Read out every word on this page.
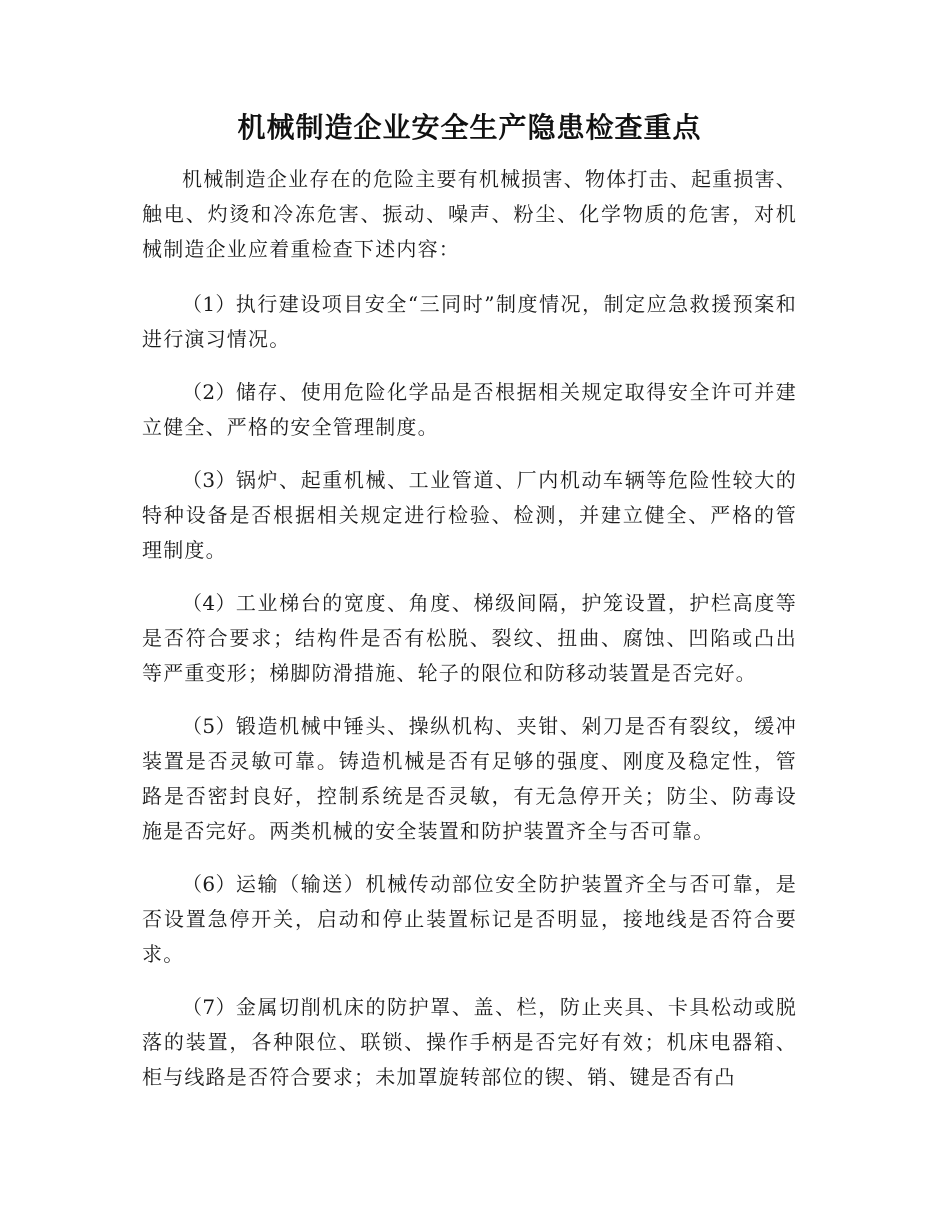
机械制造企业安全生产隐患检查重点

机械制造企业存在的危险主要有机械损害、物体打击、起重损害、触电、灼烫和冷冻危害、振动、噪声、粉尘、化学物质的危害，对机械制造企业应着重检查下述内容：

（1）执行建设项目安全“三同时”制度情况，制定应急救援预案和进行演习情况。

（2）储存、使用危险化学品是否根据相关规定取得安全许可并建立健全、严格的安全管理制度。

（3）锅炉、起重机械、工业管道、厂内机动车辆等危险性较大的特种设备是否根据相关规定进行检验、检测，并建立健全、严格的管理制度。

（4）工业梯台的宽度、角度、梯级间隔，护笼设置，护栏高度等是否符合要求；结构件是否有松脱、裂纹、扭曲、腐蚀、凹陷或凸出等严重变形；梯脚防滑措施、轮子的限位和防移动装置是否完好。

（5）锻造机械中锤头、操纵机构、夹钳、剁刀是否有裂纹，缓冲装置是否灵敏可靠。铸造机械是否有足够的强度、刚度及稳定性，管路是否密封良好，控制系统是否灵敏，有无急停开关；防尘、防毒设施是否完好。两类机械的安全装置和防护装置齐全与否可靠。

（6）运输（输送）机械传动部位安全防护装置齐全与否可靠，是否设置急停开关，启动和停止装置标记是否明显，接地线是否符合要求。

（7）金属切削机床的防护罩、盖、栏，防止夹具、卡具松动或脱落的装置，各种限位、联锁、操作手柄是否完好有效；机床电器箱、柜与线路是否符合要求；未加罩旋转部位的锲、销、键是否有凸
